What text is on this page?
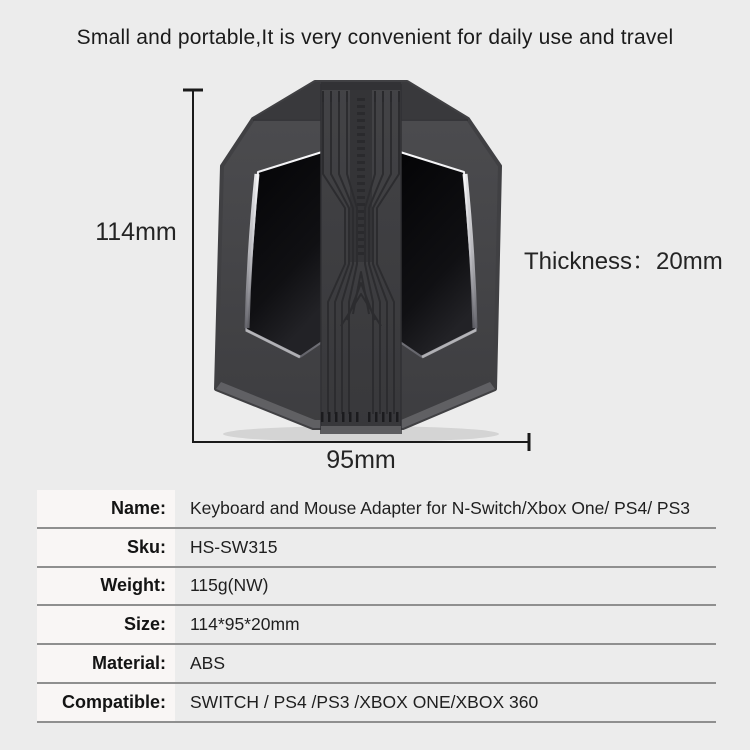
Small and portable,It is very convenient for daily use and travel
114mm
95mm
Thickness：20mm
Name:	Keyboard and Mouse Adapter for N-Switch/Xbox One/ PS4/ PS3
Sku:	HS-SW315
Weight:	115g(NW)
Size:	114*95*20mm
Material:	ABS
Compatible:	SWITCH / PS4 /PS3 /XBOX ONE/XBOX 360
